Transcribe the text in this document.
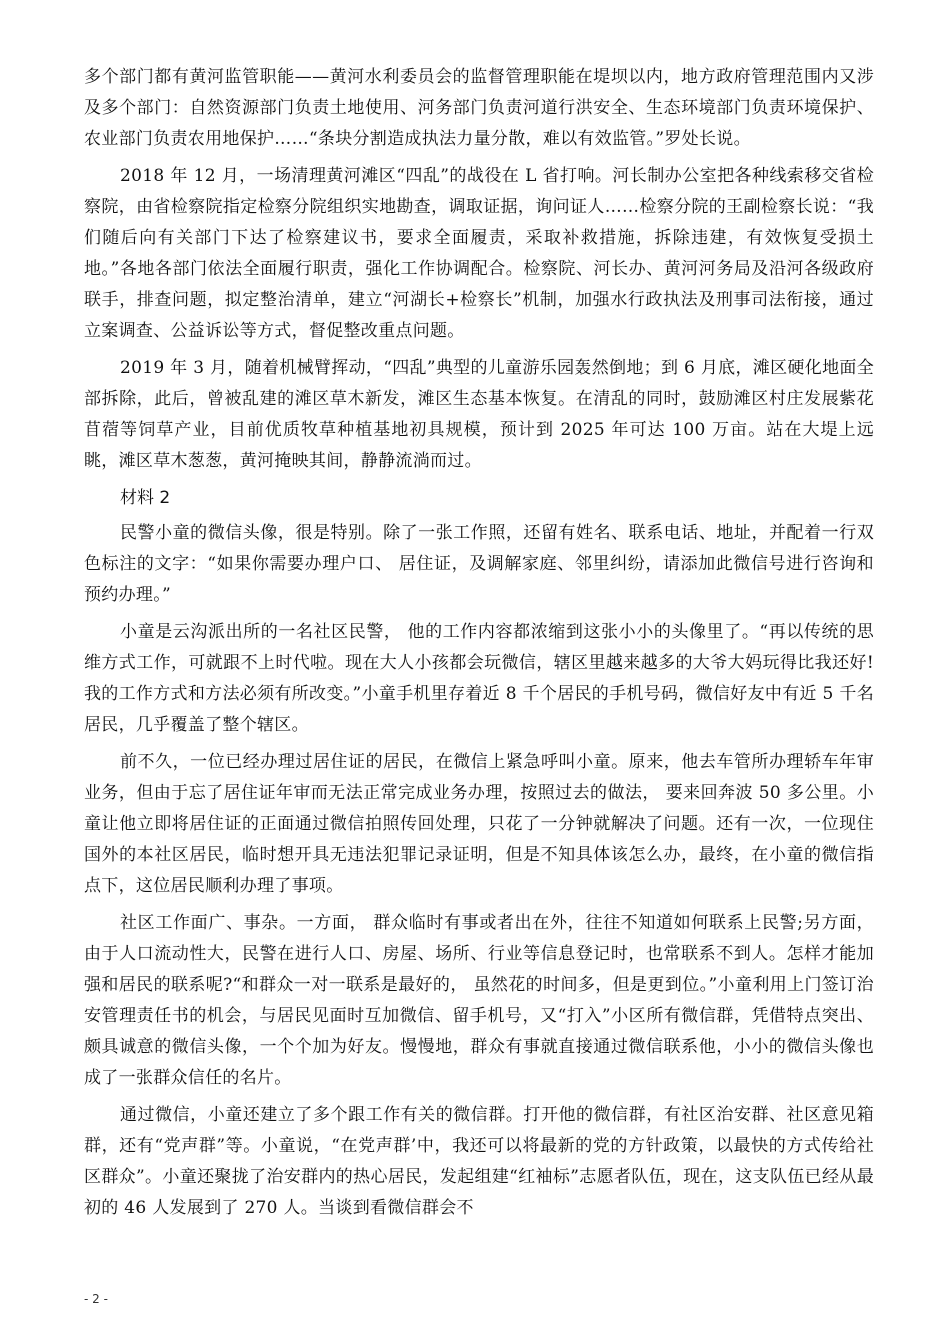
多个部门都有黄河监管职能——黄河水利委员会的监督管理职能在堤坝以内，地方政府管理范围内又涉及多个部门：自然资源部门负责土地使用、河务部门负责河道行洪安全、生态环境部门负责环境保护、农业部门负责农用地保护……“条块分割造成执法力量分散，难以有效监管。”罗处长说。

2018 年 12 月，一场清理黄河滩区“四乱”的战役在 L 省打响。河长制办公室把各种线索移交省检察院，由省检察院指定检察分院组织实地勘查，调取证据，询问证人……检察分院的王副检察长说：“我们随后向有关部门下达了检察建议书，要求全面履责，采取补救措施，拆除违建，有效恢复受损土地。”各地各部门依法全面履行职责，强化工作协调配合。检察院、河长办、黄河河务局及沿河各级政府联手，排查问题，拟定整治清单，建立“河湖长+检察长”机制，加强水行政执法及刑事司法衔接，通过立案调查、公益诉讼等方式，督促整改重点问题。

2019 年 3 月，随着机械臂挥动，“四乱”典型的儿童游乐园轰然倒地；到 6 月底，滩区硬化地面全部拆除，此后，曾被乱建的滩区草木新发，滩区生态基本恢复。在清乱的同时，鼓励滩区村庄发展紫花苜蓿等饲草产业，目前优质牧草种植基地初具规模，预计到 2025 年可达 100 万亩。站在大堤上远眺，滩区草木葱葱，黄河掩映其间，静静流淌而过。

材料 2

民警小童的微信头像，很是特别。除了一张工作照，还留有姓名、联系电话、地址，并配着一行双色标注的文字：“如果你需要办理户口、 居住证，及调解家庭、邻里纠纷，请添加此微信号进行咨询和预约办理。”

小童是云沟派出所的一名社区民警， 他的工作内容都浓缩到这张小小的头像里了。“再以传统的思维方式工作，可就跟不上时代啦。现在大人小孩都会玩微信，辖区里越来越多的大爷大妈玩得比我还好!我的工作方式和方法必须有所改变。”小童手机里存着近 8 千个居民的手机号码，微信好友中有近 5 千名居民，几乎覆盖了整个辖区。

前不久，一位已经办理过居住证的居民，在微信上紧急呼叫小童。原来，他去车管所办理轿车年审业务，但由于忘了居住证年审而无法正常完成业务办理，按照过去的做法， 要来回奔波 50 多公里。小童让他立即将居住证的正面通过微信拍照传回处理，只花了一分钟就解决了问题。还有一次，一位现住国外的本社区居民，临时想开具无违法犯罪记录证明，但是不知具体该怎么办，最终，在小童的微信指点下，这位居民顺利办理了事项。

社区工作面广、事杂。一方面， 群众临时有事或者出在外，往往不知道如何联系上民警;另方面，由于人口流动性大，民警在进行人口、房屋、场所、行业等信息登记时，也常联系不到人。怎样才能加强和居民的联系呢?“和群众一对一联系是最好的， 虽然花的时间多，但是更到位。”小童利用上门签订治安管理责任书的机会，与居民见面时互加微信、留手机号，又“打入”小区所有微信群，凭借特点突出、颇具诚意的微信头像，一个个加为好友。慢慢地，群众有事就直接通过微信联系他，小小的微信头像也成了一张群众信任的名片。

通过微信，小童还建立了多个跟工作有关的微信群。打开他的微信群，有社区治安群、社区意见箱群，还有“党声群”等。小童说，“在党声群’中，我还可以将最新的党的方针政策，以最快的方式传给社区群众”。小童还聚拢了治安群内的热心居民，发起组建“红袖标”志愿者队伍，现在，这支队伍已经从最初的 46 人发展到了 270 人。当谈到看微信群会不

- 2 -
